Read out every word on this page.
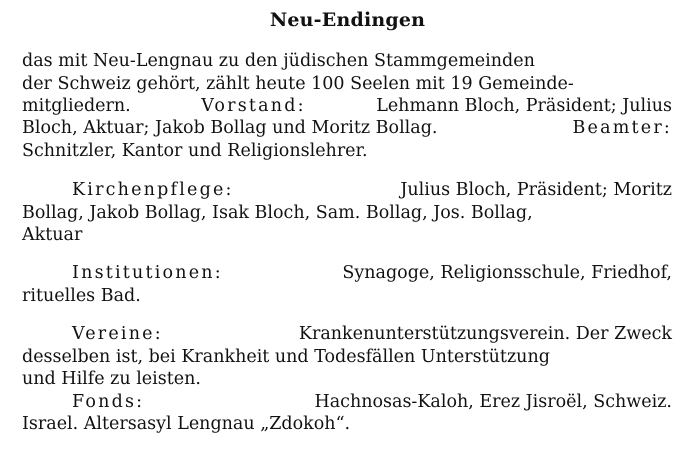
Neu-Endingen
das mit Neu-Lengnau zu den jüdischen Stammgemeinden
der Schweiz gehört, zählt heute 100 Seelen mit 19 Gemeinde-
mitgliedern.	Vorstand:	Lehmann Bloch, Präsident; Julius
Bloch, Aktuar; Jakob Bollag und Moritz Bollag.	Beamter:
Schnitzler, Kantor und Religionslehrer.
Kirchenpflege:	Julius Bloch, Präsident; Moritz
Bollag, Jakob Bollag, Isak Bloch, Sam. Bollag, Jos. Bollag,
Aktuar
Institutionen:	Synagoge, Religionsschule, Friedhof,
rituelles Bad.
Vereine:	Krankenunterstützungsverein. Der Zweck
desselben ist, bei Krankheit und Todesfällen Unterstützung
und Hilfe zu leisten.
Fonds:	Hachnosas-Kaloh, Erez Jisroël, Schweiz.
Israel. Altersasyl Lengnau „Zdokoh“.
